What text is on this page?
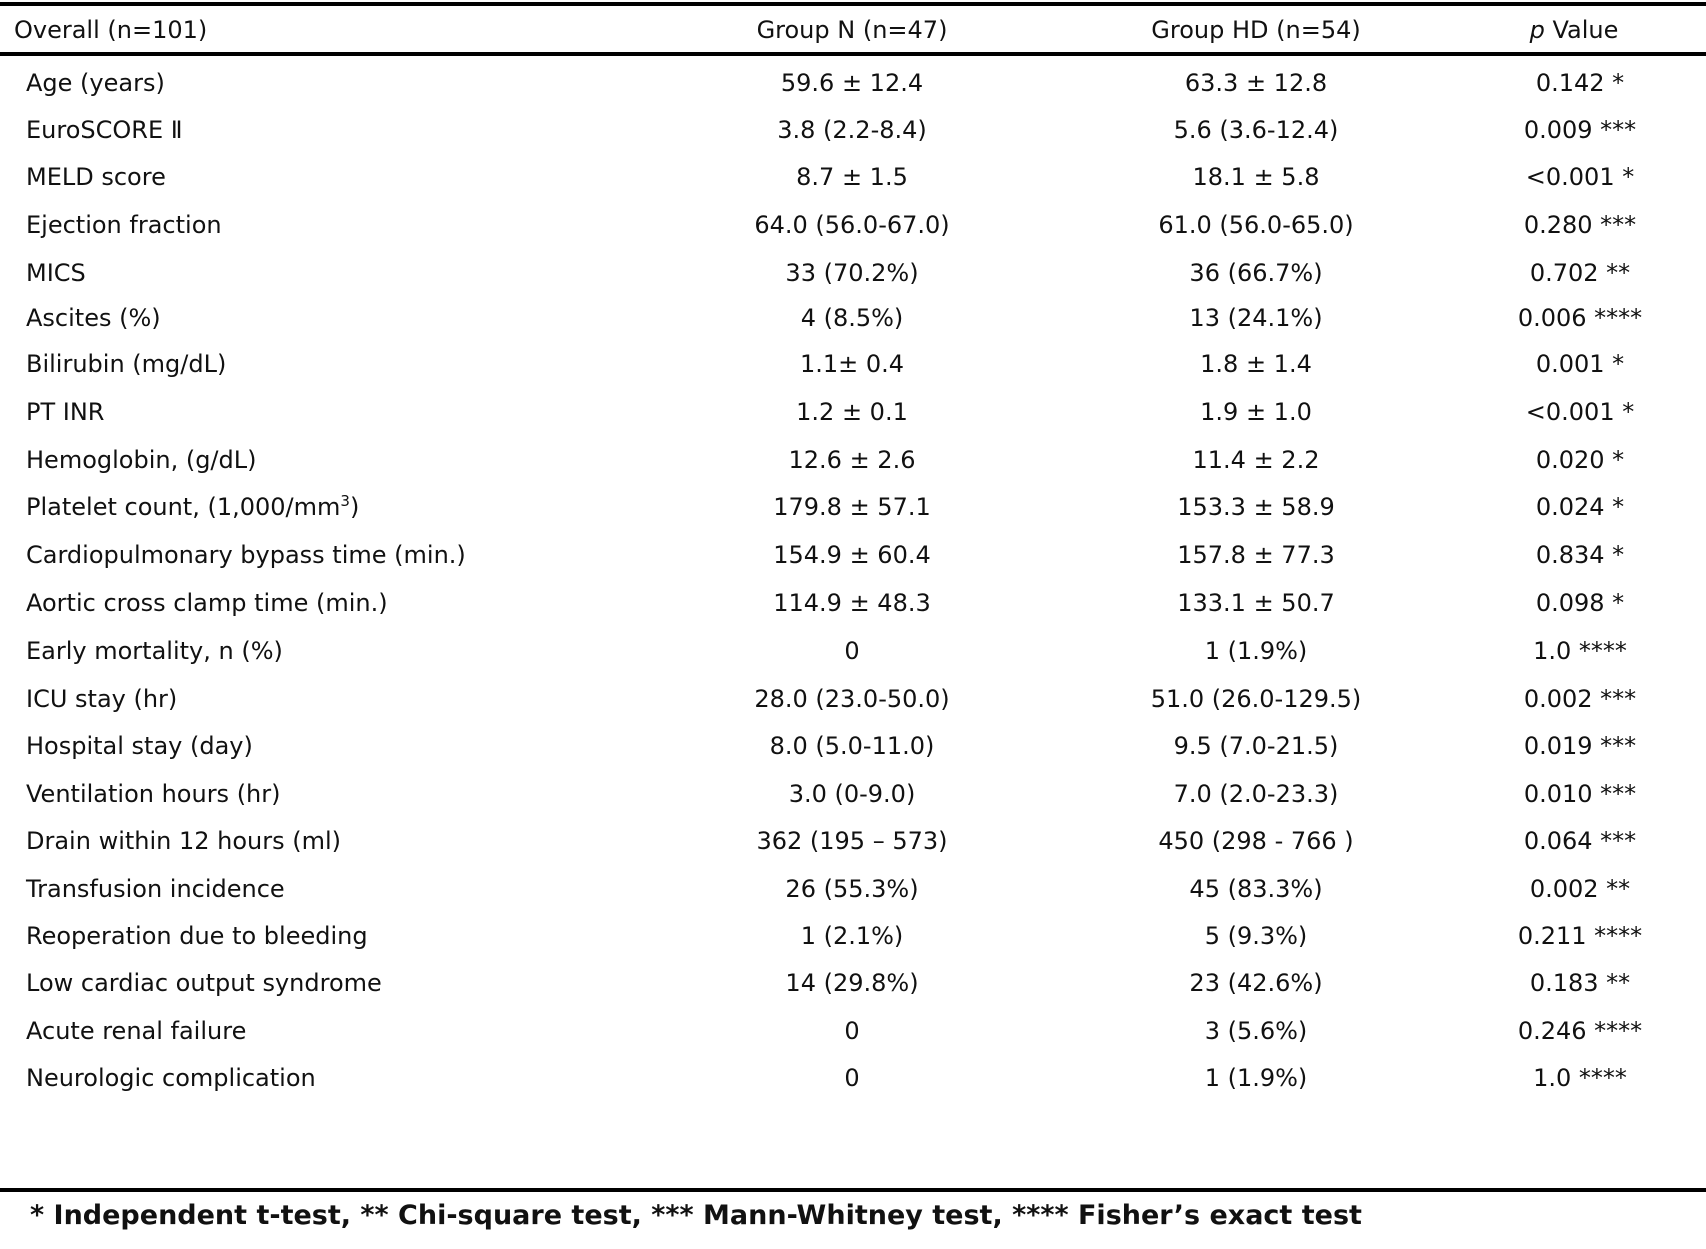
Overall (n=101)	Group N (n=47)	Group HD (n=54)	p Value
Age (years)	59.6 ± 12.4	63.3 ± 12.8	0.142 *
EuroSCORE Ⅱ	3.8 (2.2-8.4)	5.6 (3.6-12.4)	0.009 ***
MELD score	8.7 ± 1.5	18.1 ± 5.8	<0.001 *
Ejection fraction	64.0 (56.0-67.0)	61.0 (56.0-65.0)	0.280 ***
MICS	33 (70.2%)	36 (66.7%)	0.702 **
Ascites (%)	4 (8.5%)	13 (24.1%)	0.006 ****
Bilirubin (mg/dL)	1.1± 0.4	1.8 ± 1.4	0.001 *
PT INR	1.2 ± 0.1	1.9 ± 1.0	<0.001 *
Hemoglobin, (g/dL)	12.6 ± 2.6	11.4 ± 2.2	0.020 *
Platelet count, $(1,000/mm^3)$	179.8 ± 57.1	153.3 ± 58.9	0.024 *
Cardiopulmonary bypass time (min.)	154.9 ± 60.4	157.8 ± 77.3	0.834 *
Aortic cross clamp time (min.)	114.9 ± 48.3	133.1 ± 50.7	0.098 *
Early mortality, n (%)	0	1 (1.9%)	1.0 ****
ICU stay (hr)	28.0 (23.0-50.0)	51.0 (26.0-129.5)	0.002 ***
Hospital stay (day)	8.0 (5.0-11.0)	9.5 (7.0-21.5)	0.019 ***
Ventilation hours (hr)	3.0 (0-9.0)	7.0 (2.0-23.3)	0.010 ***
Drain within 12 hours (ml)	362 (195 – 573)	450 (298 - 766 )	0.064 ***
Transfusion incidence	26 (55.3%)	45 (83.3%)	0.002 **
Reoperation due to bleeding	1 (2.1%)	5 (9.3%)	0.211 ****
Low cardiac output syndrome	14 (29.8%)	23 (42.6%)	0.183 **
Acute renal failure	0	3 (5.6%)	0.246 ****
Neurologic complication	0	1 (1.9%)	1.0 ****
* Independent t-test, ** Chi-square test, *** Mann-Whitney test, **** Fisher’s exact test
